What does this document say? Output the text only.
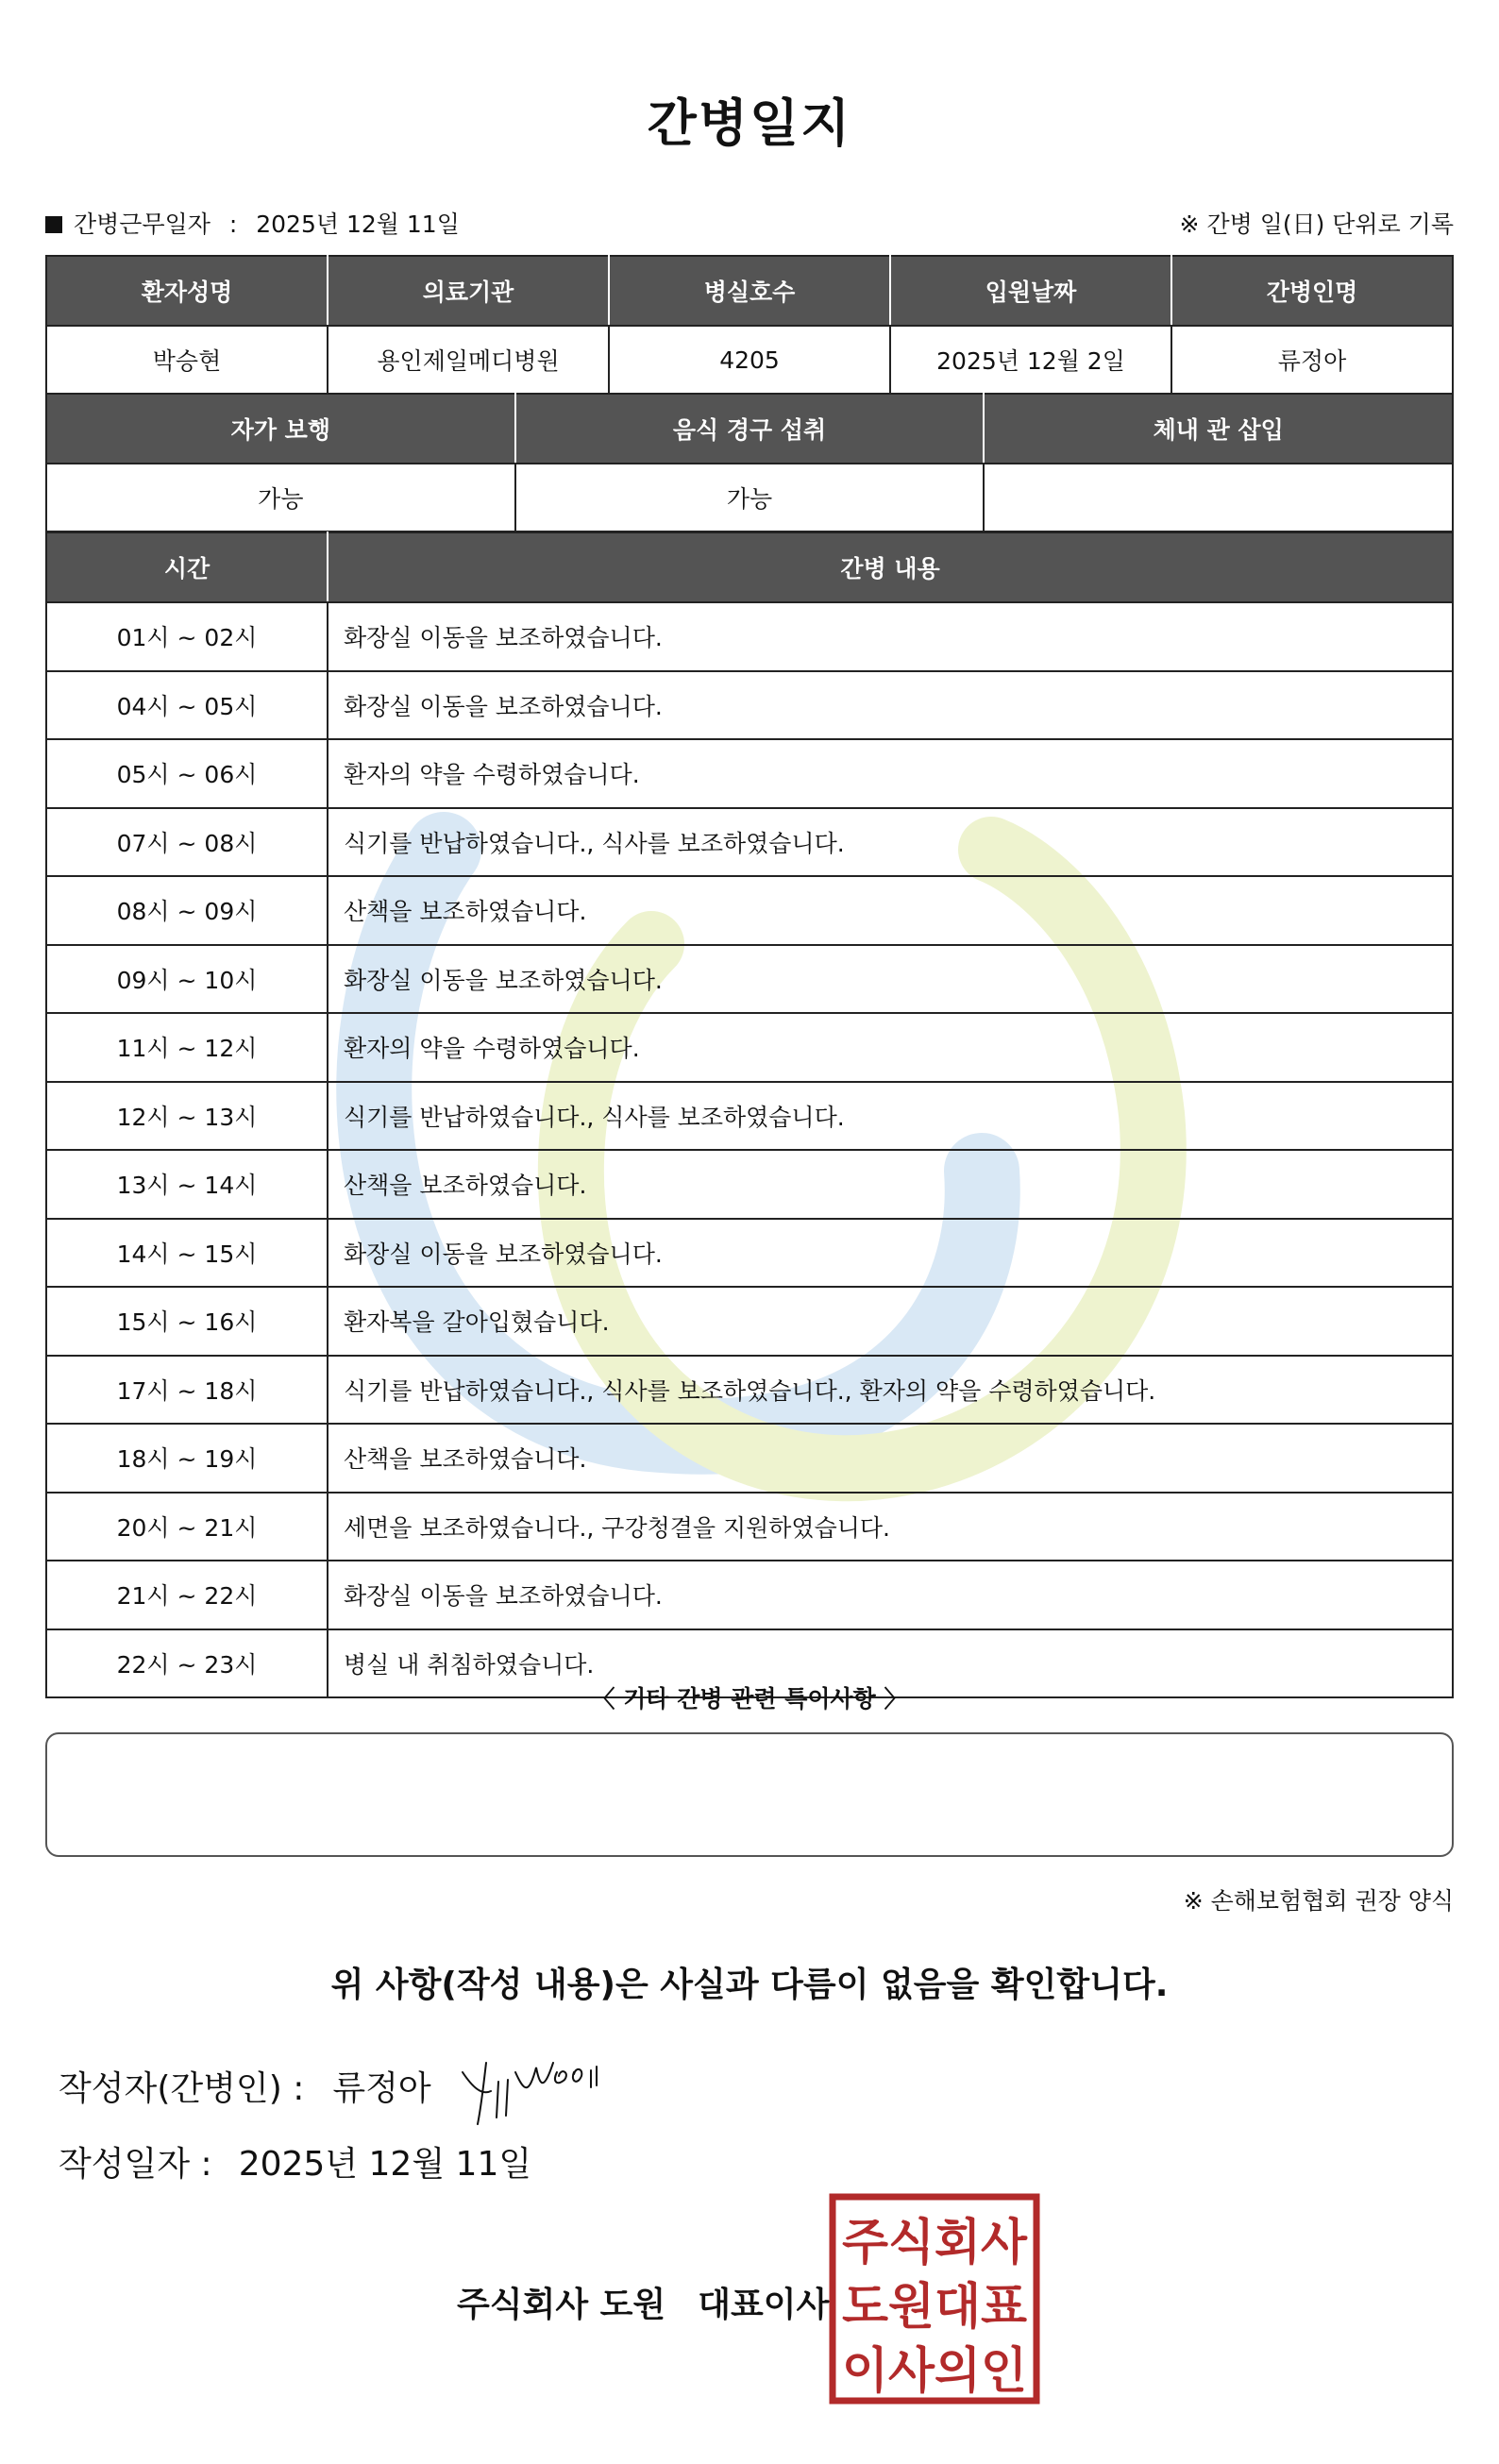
간병일지
간병근무일자 : 2025년 12월 11일	※ 간병 일(日) 단위로 기록
환자성명	의료기관	병실호수	입원날짜	간병인명
박승현	용인제일메디병원	4205	2025년 12월 2일	류정아
자가 보행	음식 경구 섭취	체내 관 삽입
가능	가능	
시간	간병 내용
01시 ~ 02시	화장실 이동을 보조하였습니다.
04시 ~ 05시	화장실 이동을 보조하였습니다.
05시 ~ 06시	환자의 약을 수령하였습니다.
07시 ~ 08시	식기를 반납하였습니다., 식사를 보조하였습니다.
08시 ~ 09시	산책을 보조하였습니다.
09시 ~ 10시	화장실 이동을 보조하였습니다.
11시 ~ 12시	환자의 약을 수령하였습니다.
12시 ~ 13시	식기를 반납하였습니다., 식사를 보조하였습니다.
13시 ~ 14시	산책을 보조하였습니다.
14시 ~ 15시	화장실 이동을 보조하였습니다.
15시 ~ 16시	환자복을 갈아입혔습니다.
17시 ~ 18시	식기를 반납하였습니다., 식사를 보조하였습니다., 환자의 약을 수령하였습니다.
18시 ~ 19시	산책을 보조하였습니다.
20시 ~ 21시	세면을 보조하였습니다., 구강청결을 지원하였습니다.
21시 ~ 22시	화장실 이동을 보조하였습니다.
22시 ~ 23시	병실 내 취침하였습니다.
〈 기타 간병 관련 특이사항 〉
※ 손해보험협회 권장 양식
위 사항(작성 내용)은 사실과 다름이 없음을 확인합니다.
작성자(간병인) : 류정아
작성일자 : 2025년 12월 11일
주식회사 도원 대표이사
주식회사
도원대표
이사의인
